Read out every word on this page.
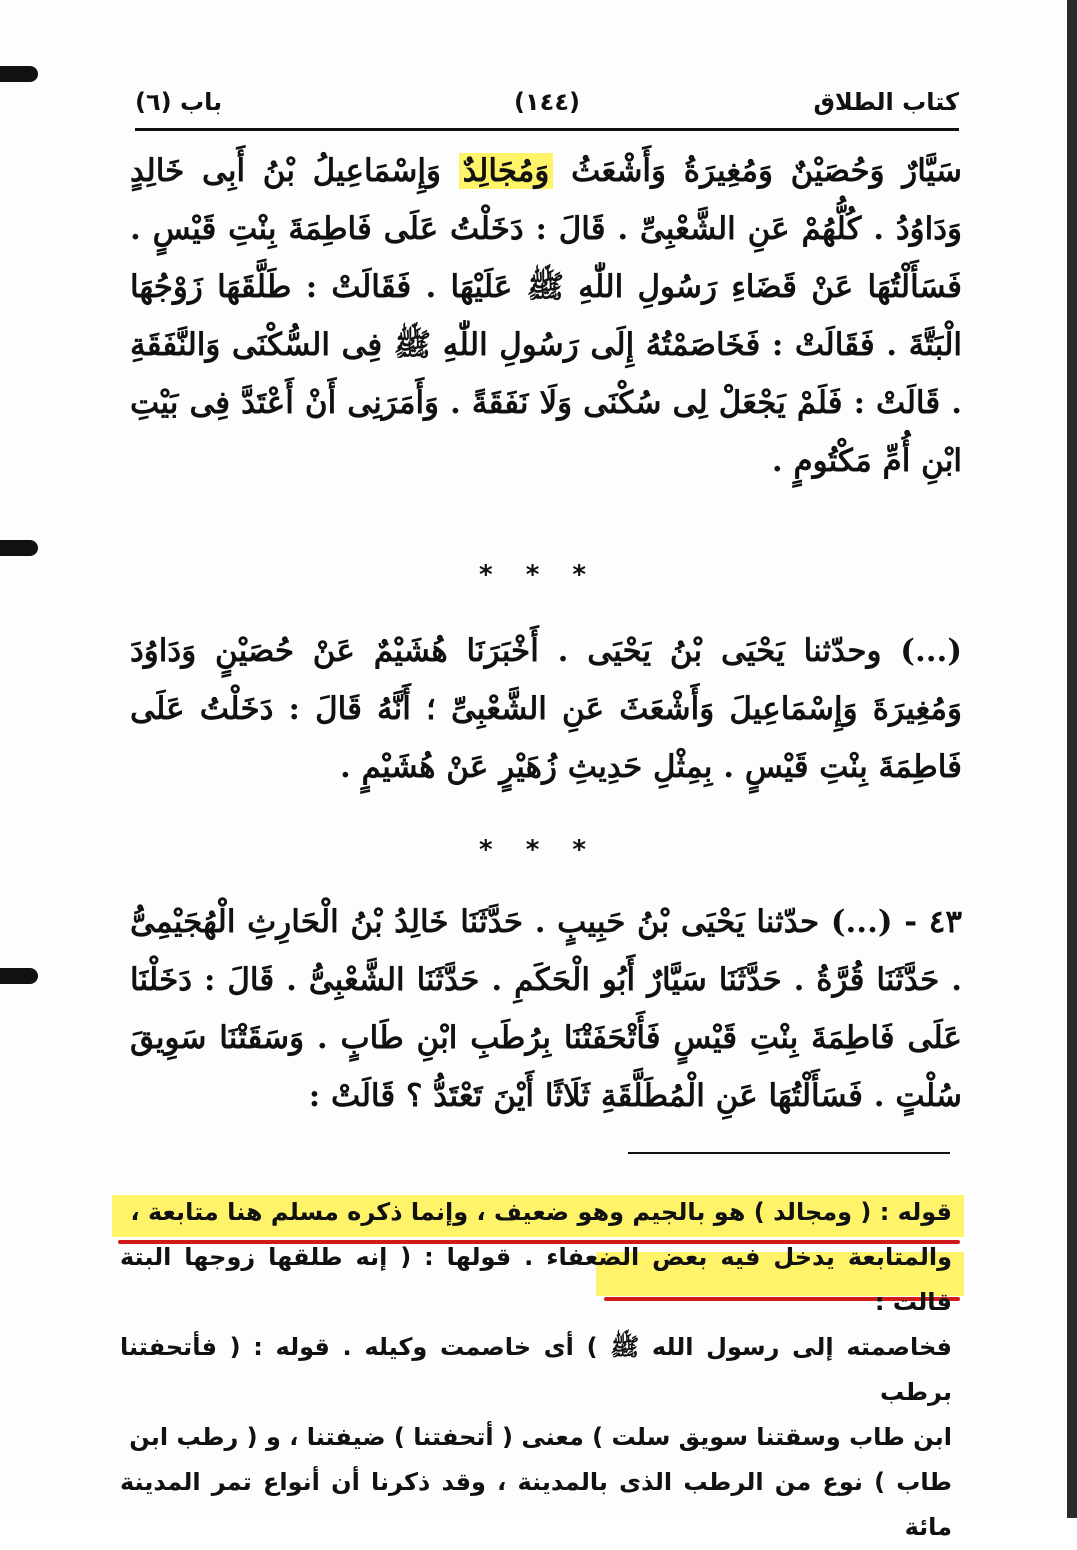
كتاب الطلاق
(١٤٤)
باب (٦)

سَيَّارٌ وَحُصَيْنٌ وَمُغِيرَةُ وَأَشْعَثُ وَمُجَالِدٌ وَإِسْمَاعِيلُ بْنُ أَبِى خَالِدٍ وَدَاوُدُ . كُلُّهُمْ عَنِ الشَّعْبِىِّ . قَالَ : دَخَلْتُ عَلَى فَاطِمَةَ بِنْتِ قَيْسٍ . فَسَأَلْتُهَا عَنْ قَضَاءِ رَسُولِ اللّٰهِ ﷺ عَلَيْهَا . فَقَالَتْ : طَلَّقَهَا زَوْجُهَا الْبَتَّةَ . فَقَالَتْ : فَخَاصَمْتُهُ إِلَى رَسُولِ اللّٰهِ ﷺ فِى السُّكْنَى وَالنَّفَقَةِ . قَالَتْ : فَلَمْ يَجْعَلْ لِى سُكْنَى وَلَا نَفَقَةً . وَأَمَرَنِى أَنْ أَعْتَدَّ فِى بَيْتِ ابْنِ أُمِّ مَكْتُومٍ .

* * *

(...) وحدّثنا يَحْيَى بْنُ يَحْيَى . أَخْبَرَنَا هُشَيْمٌ عَنْ حُصَيْنٍ وَدَاوُدَ وَمُغِيرَةَ وَإِسْمَاعِيلَ وَأَشْعَثَ عَنِ الشَّعْبِىِّ ؛ أَنَّهُ قَالَ : دَخَلْتُ عَلَى فَاطِمَةَ بِنْتِ قَيْسٍ . بِمِثْلِ حَدِيثِ زُهَيْرٍ عَنْ هُشَيْمٍ .

* * *

٤٣ - (...) حدّثنا يَحْيَى بْنُ حَبِيبٍ . حَدَّثَنَا خَالِدُ بْنُ الْحَارِثِ الْهُجَيْمِىُّ . حَدَّثَنَا قُرَّةُ . حَدَّثَنَا سَيَّارٌ أَبُو الْحَكَمِ . حَدَّثَنَا الشَّعْبِىُّ . قَالَ : دَخَلْنَا عَلَى فَاطِمَةَ بِنْتِ قَيْسٍ فَأَتْحَفَتْنَا بِرُطَبِ ابْنِ طَابٍ . وَسَقَتْنَا سَوِيقَ سُلْتٍ . فَسَأَلْتُهَا عَنِ الْمُطَلَّقَةِ ثَلَاثًا أَيْنَ تَعْتَدُّ ؟ قَالَتْ :

قوله : ( ومجالد ) هو بالجيم وهو ضعيف ، وإنما ذكره مسلم هنا متابعة ،
والمتابعة يدخل فيه بعض الضعفاء . قولها : ( إنه طلقها زوجها البتة قالت :
فخاصمته إلى رسول الله ﷺ ) أى خاصمت وكيله . قوله : ( فأتحفتنا برطب
ابن طاب وسقتنا سويق سلت ) معنى ( أتحفتنا ) ضيفتنا ، و ( رطب ابن
طاب ) نوع من الرطب الذى بالمدينة ، وقد ذكرنا أن أنواع تمر المدينة مائة
